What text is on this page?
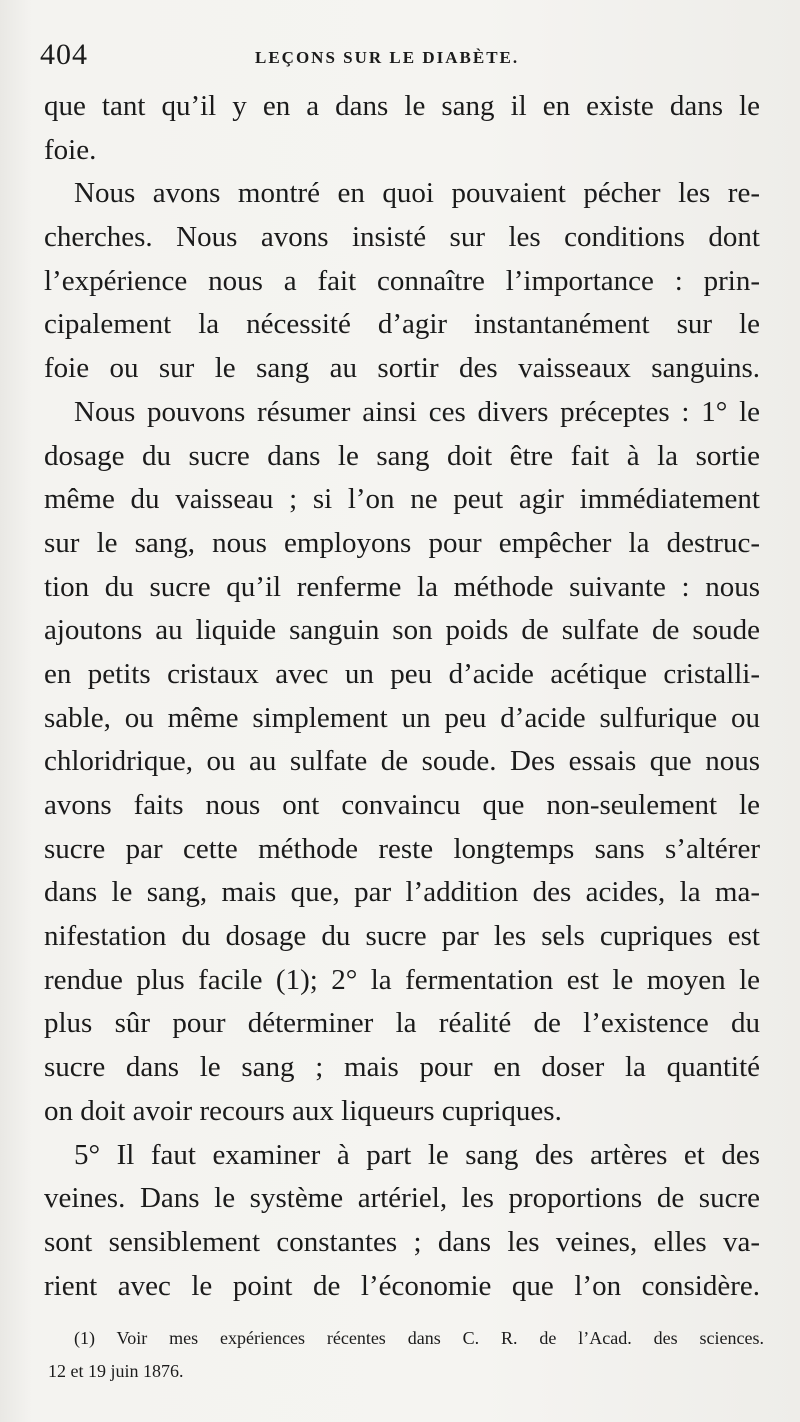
404	LEÇONS SUR LE DIABÈTE.
que tant qu’il y en a dans le sang il en existe dans le
foie.
Nous avons montré en quoi pouvaient pécher les re-
cherches. Nous avons insisté sur les conditions dont
l’expérience nous a fait connaître l’importance : prin-
cipalement la nécessité d’agir instantanément sur le
foie ou sur le sang au sortir des vaisseaux sanguins.
Nous pouvons résumer ainsi ces divers préceptes : 1° le
dosage du sucre dans le sang doit être fait à la sortie
même du vaisseau ; si l’on ne peut agir immédiatement
sur le sang, nous employons pour empêcher la destruc-
tion du sucre qu’il renferme la méthode suivante : nous
ajoutons au liquide sanguin son poids de sulfate de soude
en petits cristaux avec un peu d’acide acétique cristalli-
sable, ou même simplement un peu d’acide sulfurique ou
chloridrique, ou au sulfate de soude. Des essais que nous
avons faits nous ont convaincu que non-seulement le
sucre par cette méthode reste longtemps sans s’altérer
dans le sang, mais que, par l’addition des acides, la ma-
nifestation du dosage du sucre par les sels cupriques est
rendue plus facile (1); 2° la fermentation est le moyen le
plus sûr pour déterminer la réalité de l’existence du
sucre dans le sang ; mais pour en doser la quantité
on doit avoir recours aux liqueurs cupriques.
5° Il faut examiner à part le sang des artères et des
veines. Dans le système artériel, les proportions de sucre
sont sensiblement constantes ; dans les veines, elles va-
rient avec le point de l’économie que l’on considère.
(1) Voir mes expériences récentes dans C. R. de l’Acad. des sciences.
12 et 19 juin 1876.
